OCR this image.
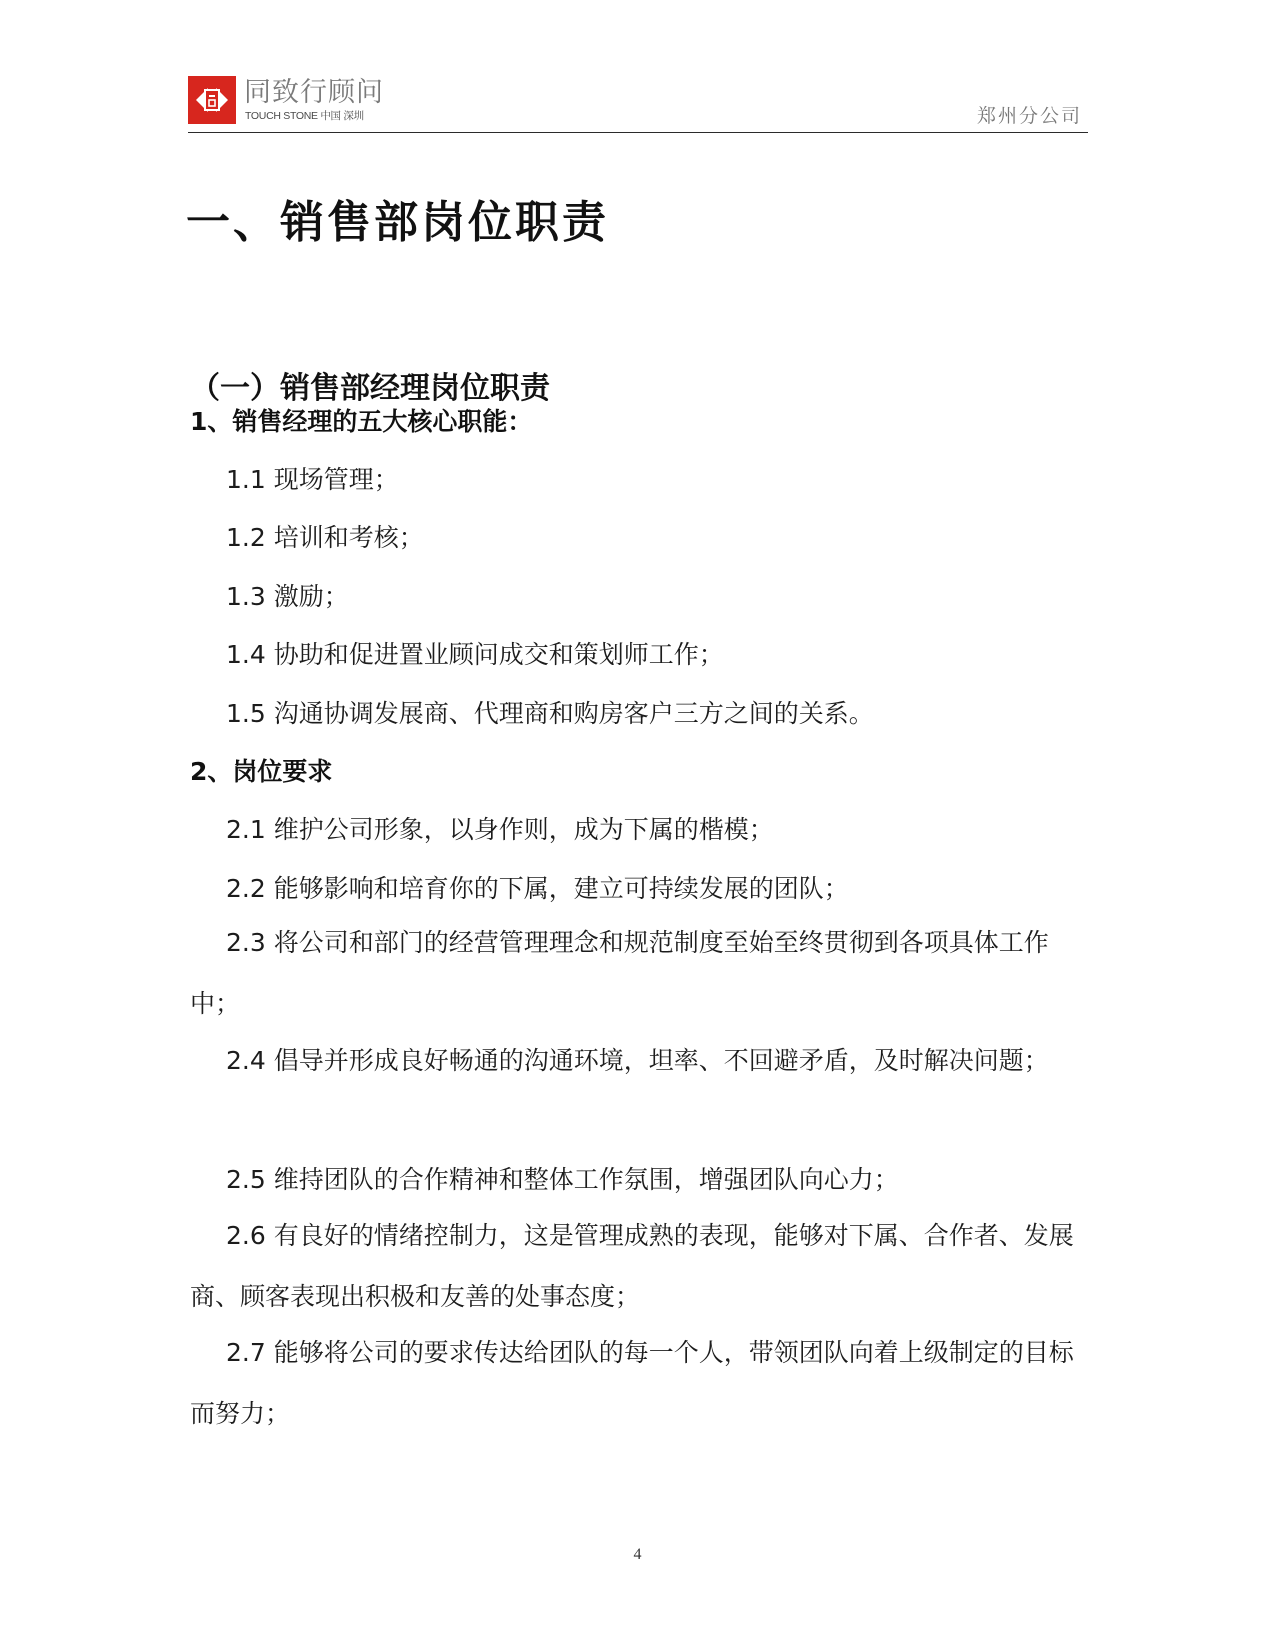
同致行顾问
TOUCH STONE 中国 深圳	郑州分公司
一、销售部岗位职责
（一）销售部经理岗位职责
1、销售经理的五大核心职能：

1.1 现场管理；

1.2 培训和考核；

1.3 激励；

1.4 协助和促进置业顾问成交和策划师工作；

1.5 沟通协调发展商、代理商和购房客户三方之间的关系。

2、岗位要求

2.1 维护公司形象，以身作则，成为下属的楷模；

2.2 能够影响和培育你的下属，建立可持续发展的团队；

2.3 将公司和部门的经营管理理念和规范制度至始至终贯彻到各项具体工作中；

2.4 倡导并形成良好畅通的沟通环境，坦率、不回避矛盾，及时解决问题；

2.5 维持团队的合作精神和整体工作氛围，增强团队向心力；

2.6 有良好的情绪控制力，这是管理成熟的表现，能够对下属、合作者、发展商、顾客表现出积极和友善的处事态度；

2.7 能够将公司的要求传达给团队的每一个人，带领团队向着上级制定的目标而努力；

4
